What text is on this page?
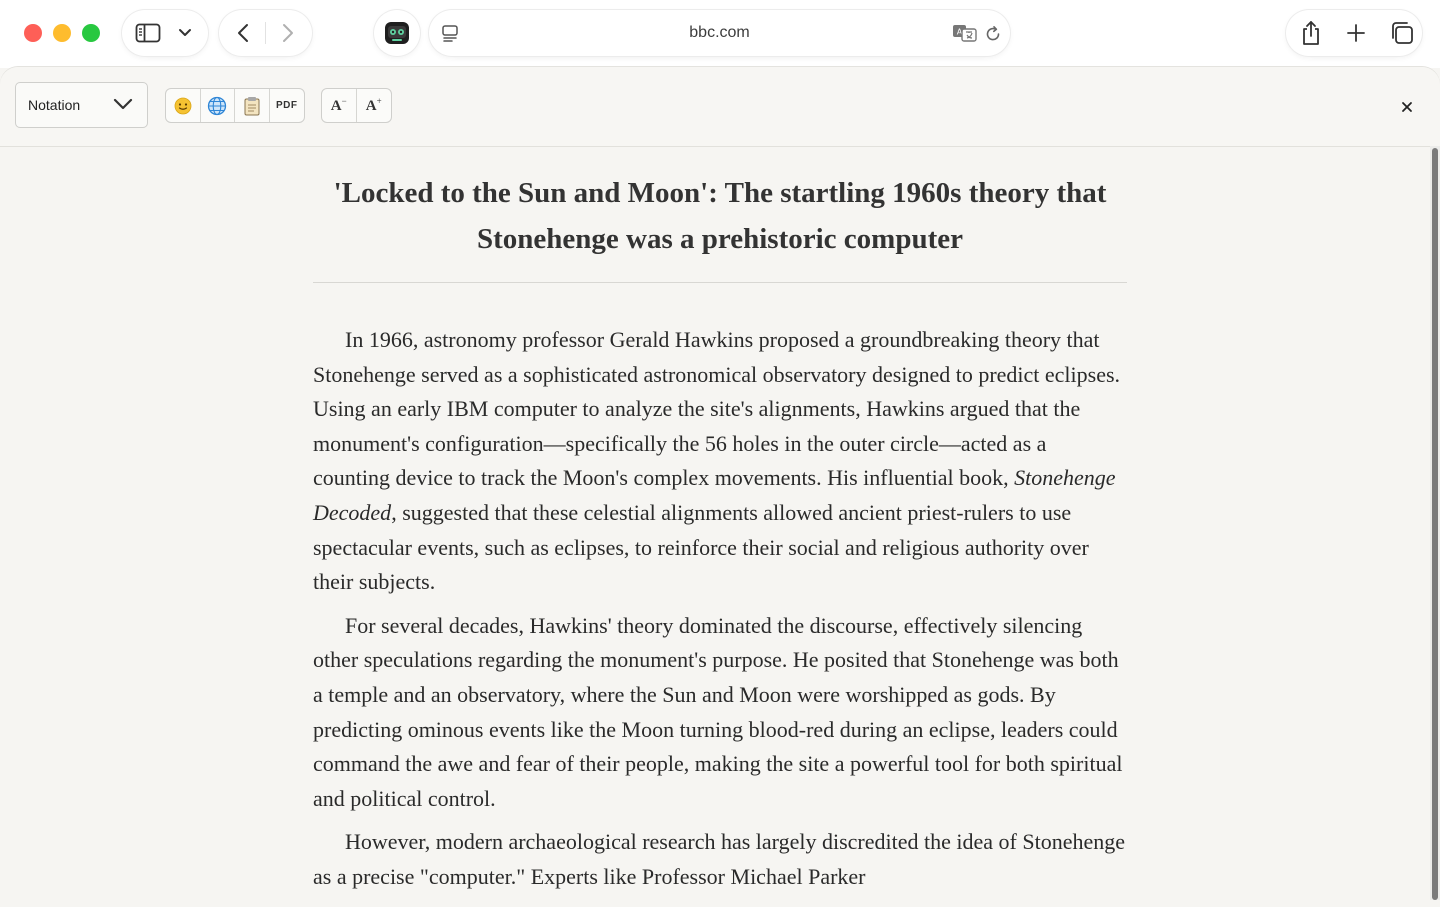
bbc.com	A
Notation	PDF A− A+
'Locked to the Sun and Moon': The startling 1960s theory that Stonehenge was a prehistoric computer

In 1966, astronomy professor Gerald Hawkins proposed a groundbreaking theory that Stonehenge served as a sophisticated astronomical observatory designed to predict eclipses. Using an early IBM computer to analyze the site's alignments, Hawkins argued that the monument's configuration—specifically the 56 holes in the outer circle—acted as a counting device to track the Moon's complex movements. His influential book, Stonehenge Decoded, suggested that these celestial alignments allowed ancient priest-rulers to use spectacular events, such as eclipses, to reinforce their social and religious authority over their subjects.

For several decades, Hawkins' theory dominated the discourse, effectively silencing other speculations regarding the monument's purpose. He posited that Stonehenge was both a temple and an observatory, where the Sun and Moon were worshipped as gods. By predicting ominous events like the Moon turning blood-red during an eclipse, leaders could command the awe and fear of their people, making the site a powerful tool for both spiritual and political control.

However, modern archaeological research has largely discredited the idea of Stonehenge as a precise "computer." Experts like Professor Michael Parker
